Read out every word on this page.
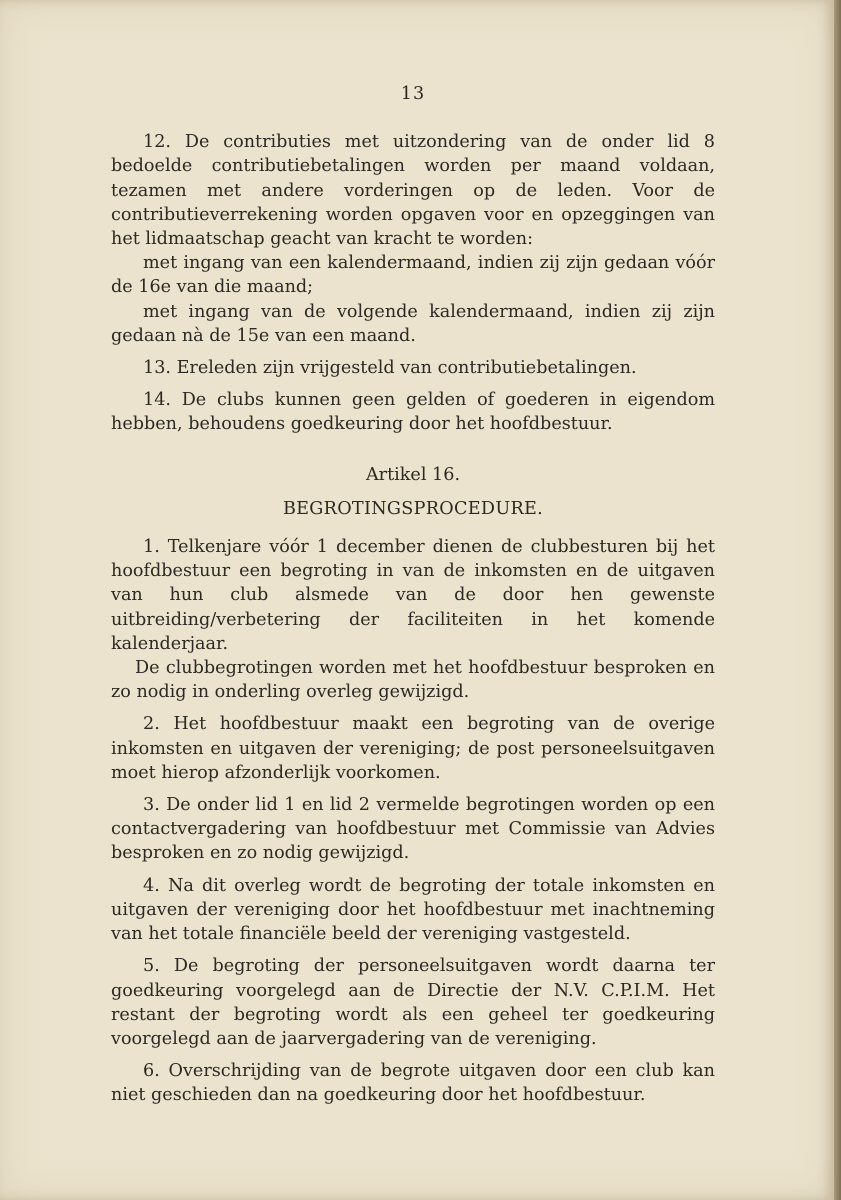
13

12. De contributies met uitzondering van de onder lid 8 bedoelde contributiebetalingen worden per maand voldaan, tezamen met andere vorderingen op de leden. Voor de contributieverrekening worden opgaven voor en opzeggingen van het lidmaatschap geacht van kracht te worden:

met ingang van een kalendermaand, indien zij zijn gedaan vóór de 16e van die maand;

met ingang van de volgende kalendermaand, indien zij zijn gedaan nà de 15e van een maand.

13. Ereleden zijn vrijgesteld van contributiebetalingen.

14. De clubs kunnen geen gelden of goederen in eigendom hebben, behoudens goedkeuring door het hoofdbestuur.

Artikel 16.
BEGROTINGSPROCEDURE.

1. Telkenjare vóór 1 december dienen de clubbesturen bij het hoofdbestuur een begroting in van de inkomsten en de uitgaven van hun club alsmede van de door hen gewenste uitbreiding/verbetering der faciliteiten in het komende kalenderjaar.

De clubbegrotingen worden met het hoofdbestuur besproken en zo nodig in onderling overleg gewijzigd.

2. Het hoofdbestuur maakt een begroting van de overige inkomsten en uitgaven der vereniging; de post personeelsuitgaven moet hierop afzonderlijk voorkomen.

3. De onder lid 1 en lid 2 vermelde begrotingen worden op een contactvergadering van hoofdbestuur met Commissie van Advies besproken en zo nodig gewijzigd.

4. Na dit overleg wordt de begroting der totale inkomsten en uitgaven der vereniging door het hoofdbestuur met inachtneming van het totale financiële beeld der vereniging vastgesteld.

5. De begroting der personeelsuitgaven wordt daarna ter goedkeuring voorgelegd aan de Directie der N.V. C.P.I.M. Het restant der begroting wordt als een geheel ter goedkeuring voorgelegd aan de jaarvergadering van de vereniging.

6. Overschrijding van de begrote uitgaven door een club kan niet geschieden dan na goedkeuring door het hoofdbestuur.
